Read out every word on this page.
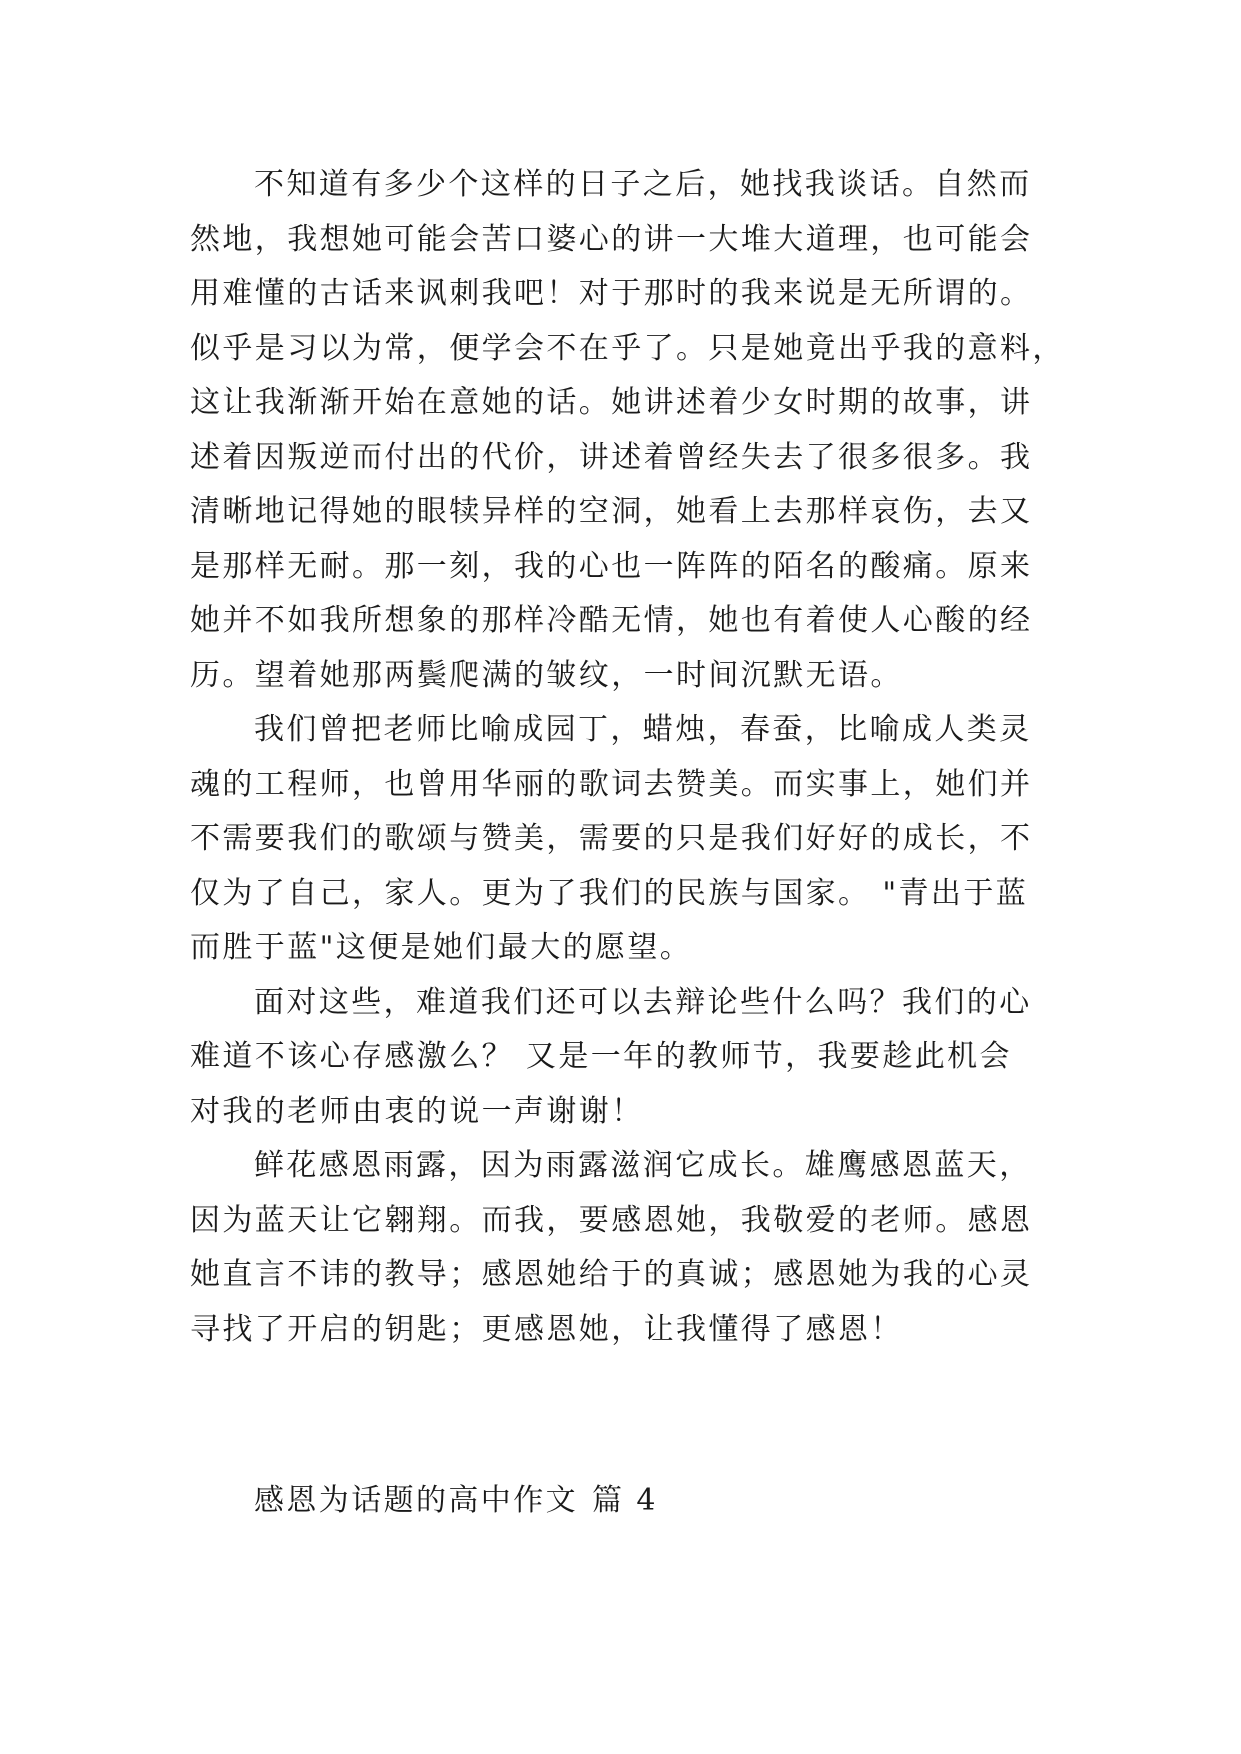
不知道有多少个这样的日子之后，她找我谈话。自然而
然地，我想她可能会苦口婆心的讲一大堆大道理，也可能会
用难懂的古话来讽刺我吧！对于那时的我来说是无所谓的。
似乎是习以为常，便学会不在乎了。只是她竟出乎我的意料，
这让我渐渐开始在意她的话。她讲述着少女时期的故事，讲
述着因叛逆而付出的代价，讲述着曾经失去了很多很多。我
清晰地记得她的眼犊异样的空洞，她看上去那样哀伤，去又
是那样无耐。那一刻，我的心也一阵阵的陌名的酸痛。原来
她并不如我所想象的那样冷酷无情，她也有着使人心酸的经
历。望着她那两鬓爬满的皱纹，一时间沉默无语。

我们曾把老师比喻成园丁，蜡烛，春蚕，比喻成人类灵
魂的工程师，也曾用华丽的歌词去赞美。而实事上，她们并
不需要我们的歌颂与赞美，需要的只是我们好好的成长，不
仅为了自己，家人。更为了我们的民族与国家。 "青出于蓝
而胜于蓝"这便是她们最大的愿望。

面对这些，难道我们还可以去辩论些什么吗？我们的心
难道不该心存感激么？ 又是一年的教师节，我要趁此机会
对我的老师由衷的说一声谢谢！

鲜花感恩雨露，因为雨露滋润它成长。雄鹰感恩蓝天，
因为蓝天让它翱翔。而我，要感恩她，我敬爱的老师。感恩
她直言不讳的教导；感恩她给于的真诚；感恩她为我的心灵
寻找了开启的钥匙；更感恩她，让我懂得了感恩！

感恩为话题的高中作文 篇 4
